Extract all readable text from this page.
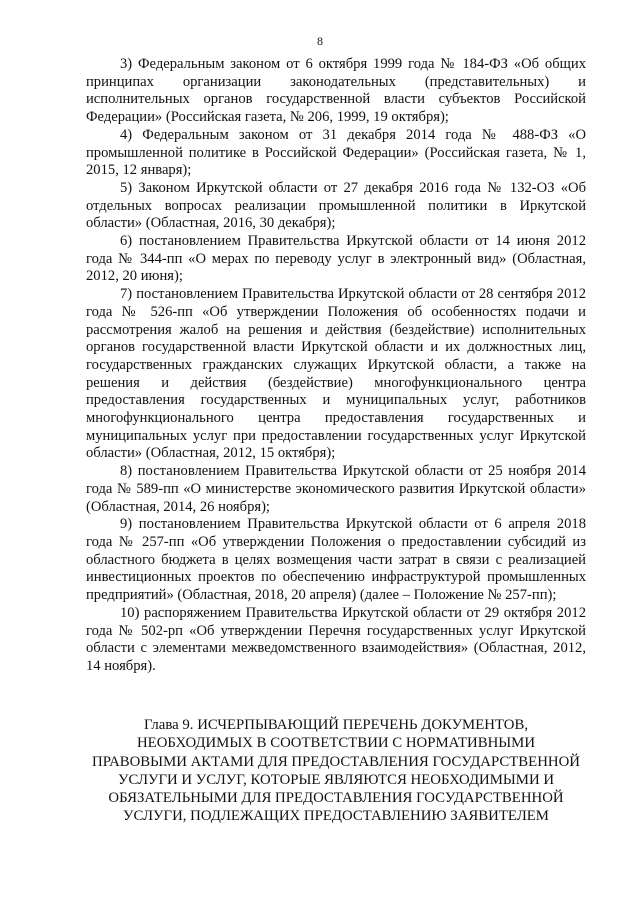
8

3) Федеральным законом от 6 октября 1999 года № 184-ФЗ «Об общих принципах организации законодательных (представительных) и исполнительных органов государственной власти субъектов Российской Федерации» (Российская газета, № 206, 1999, 19 октября);

4) Федеральным законом от 31 декабря 2014 года № 488-ФЗ «О промышленной политике в Российской Федерации» (Российская газета, № 1, 2015, 12 января);

5) Законом Иркутской области от 27 декабря 2016 года № 132-ОЗ «Об отдельных вопросах реализации промышленной политики в Иркутской области» (Областная, 2016, 30 декабря);

6) постановлением Правительства Иркутской области от 14 июня 2012 года № 344-пп «О мерах по переводу услуг в электронный вид» (Областная, 2012, 20 июня);

7) постановлением Правительства Иркутской области от 28 сентября 2012 года № 526-пп «Об утверждении Положения об особенностях подачи и рассмотрения жалоб на решения и действия (бездействие) исполнительных органов государственной власти Иркутской области и их должностных лиц, государственных гражданских служащих Иркутской области, а также на решения и действия (бездействие) многофункционального центра предоставления государственных и муниципальных услуг, работников многофункционального центра предоставления государственных и муниципальных услуг при предоставлении государственных услуг Иркутской области» (Областная, 2012, 15 октября);

8) постановлением Правительства Иркутской области от 25 ноября 2014 года № 589-пп «О министерстве экономического развития Иркутской области» (Областная, 2014, 26 ноября);

9) постановлением Правительства Иркутской области от 6 апреля 2018 года № 257-пп «Об утверждении Положения о предоставлении субсидий из областного бюджета в целях возмещения части затрат в связи с реализацией инвестиционных проектов по обеспечению инфраструктурой промышленных предприятий» (Областная, 2018, 20 апреля) (далее – Положение № 257-пп);

10) распоряжением Правительства Иркутской области от 29 октября 2012 года № 502-рп «Об утверждении Перечня государственных услуг Иркутской области с элементами межведомственного взаимодействия» (Областная, 2012, 14 ноября).

Глава 9. ИСЧЕРПЫВАЮЩИЙ ПЕРЕЧЕНЬ ДОКУМЕНТОВ,
НЕОБХОДИМЫХ В СООТВЕТСТВИИ С НОРМАТИВНЫМИ
ПРАВОВЫМИ АКТАМИ ДЛЯ ПРЕДОСТАВЛЕНИЯ ГОСУДАРСТВЕННОЙ
УСЛУГИ И УСЛУГ, КОТОРЫЕ ЯВЛЯЮТСЯ НЕОБХОДИМЫМИ И
ОБЯЗАТЕЛЬНЫМИ ДЛЯ ПРЕДОСТАВЛЕНИЯ ГОСУДАРСТВЕННОЙ
УСЛУГИ, ПОДЛЕЖАЩИХ ПРЕДОСТАВЛЕНИЮ ЗАЯВИТЕЛЕМ
